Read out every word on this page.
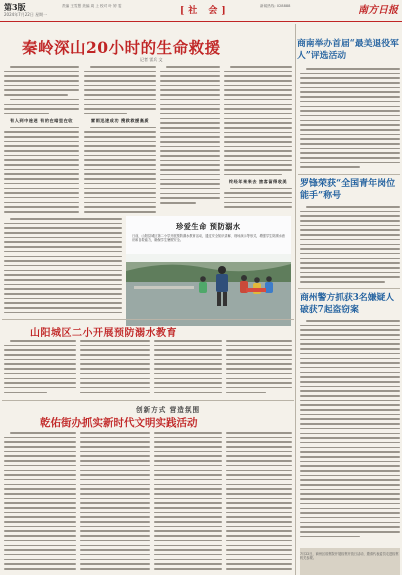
第3版
2024年7月22日 星期一
责编 王雪慧 美编 周 上 校对 叶 婷 雯	[社 会]	新闻热线: 028888	南方日报
秦岭深山20小时的生命救援
记者 雷兵 文
有人到中途迷 有的在暗里在收	雷雨迅速成功 搜救救援高质
终经年来来去 旅客留得收美
珍爱生命 预防溺水
日前，山阳县城区第二小学开展预防溺水教育活动，通过安全知识讲解、现场演示等形式，增强学生防溺水意识和自救能力，确保学生暑假安全。
山阳城区二小开展预防溺水教育
创新方式 营造氛围
乾佑街办抓实新时代文明实践活动
商南举办首届“最美退役军人”评选活动
罗锋荣获“全国青年岗位能手”称号
商州警方抓获3名嫌疑人破获7起盗窃案
7月22日，商州区检察院开展检察开放日活动，邀请代表委员走进检察机关参观。
